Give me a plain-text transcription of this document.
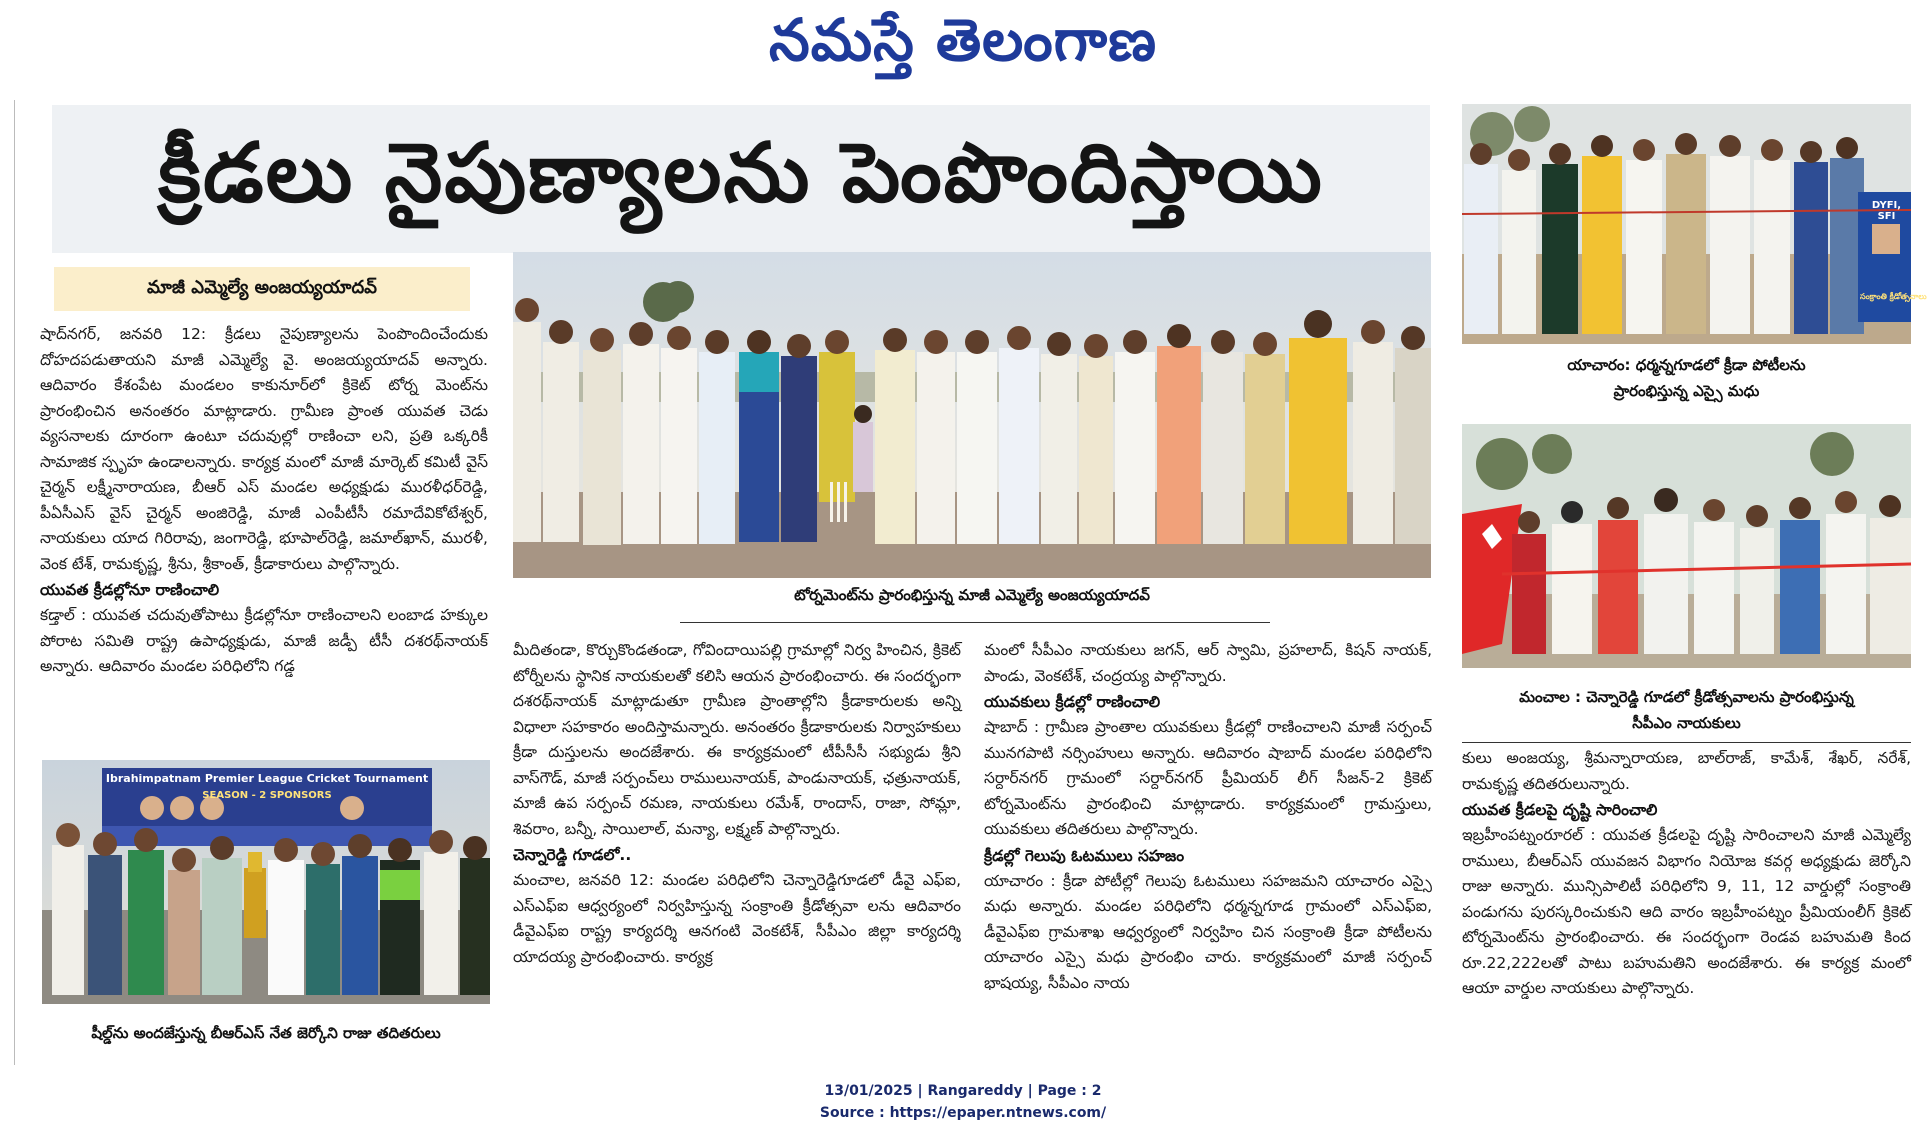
నమస్తే తెలంగాణ
క్రీడలు నైపుణ్యాలను పెంపొందిస్తాయి
మాజీ ఎమ్మెల్యే అంజయ్యయాదవ్

షాద్‌నగర్, జనవరి 12: క్రీడలు నైపుణ్యాలను పెంపొందించేందుకు దోహదపడుతాయని మాజీ ఎమ్మెల్యే వై. అంజయ్యయాదవ్ అన్నారు. ఆదివారం కేశంపేట మండలం కాకునూర్‌లో క్రికెట్ టోర్న మెంట్‌ను ప్రారంభించిన అనంతరం మాట్లాడారు. గ్రామీణ ప్రాంత యువత చెడు వ్యసనాలకు దూరంగా ఉంటూ చదువుల్లో రాణించా లని, ప్రతి ఒక్కరికీ సామాజిక స్పృహ ఉండాలన్నారు. కార్యక్ర మంలో మాజీ మార్కెట్ కమిటీ వైస్ చైర్మన్ లక్ష్మీనారాయణ, బీఆర్ ఎస్ మండల అధ్యక్షుడు మురళీధర్‌రెడ్డి, పీఏసీఎస్ వైస్ చైర్మన్ అంజిరెడ్డి, మాజీ ఎంపీటీసీ రమాదేవికోటేశ్వర్, నాయకులు యాద గిరిరావు, జంగారెడ్డి, భూపాల్‌రెడ్డి, జమాల్‌ఖాన్, మురళీ, వెంక టేశ్, రామకృష్ణ, శ్రీను, శ్రీకాంత్, క్రీడాకారులు పాల్గొన్నారు.

యువత క్రీడల్లోనూ రాణించాలి

కడ్తాల్ : యువత చదువుతోపాటు క్రీడల్లోనూ రాణించాలని లంబాడ హక్కుల పోరాట సమితి రాష్ట్ర ఉపాధ్యక్షుడు, మాజీ జడ్పీ టీసీ దశరథ్‌నాయక్ అన్నారు. ఆదివారం మండల పరిధిలోని గడ్డ

Ibrahimpatnam Premier League Cricket Tournament
SEASON - 2 SPONSORS
షీల్డ్‌ను అందజేస్తున్న బీఆర్‌ఎస్ నేత జెర్కోని రాజు తదితరులు
టోర్నమెంట్‌ను ప్రారంభిస్తున్న మాజీ ఎమ్మెల్యే అంజయ్యయాదవ్

మీదితండా, కొర్చుకొండతండా, గోవిందాయిపల్లి గ్రామాల్లో నిర్వ హించిన, క్రికెట్ టోర్నీలను స్థానిక నాయకులతో కలిసి ఆయన ప్రారంభించారు. ఈ సందర్భంగా దశరథ్‌నాయక్ మాట్లాడుతూ గ్రామీణ ప్రాంతాల్లోని క్రీడాకారులకు అన్ని విధాలా సహకారం అందిస్తామన్నారు. అనంతరం క్రీడాకారులకు నిర్వాహకులు క్రీడా దుస్తులను అందజేశారు. ఈ కార్యక్రమంలో టీపీసీసీ సభ్యుడు శ్రీని వాస్‌గౌడ్, మాజీ సర్పంచ్‌లు రాములునాయక్, పాండునాయక్, ఛత్రునాయక్, మాజీ ఉప సర్పంచ్ రమణ, నాయకులు రమేశ్, రాందాస్, రాజా, సోమ్లా, శివరాం, బన్నీ, సాయిలాల్, మన్యా, లక్ష్మణ్ పాల్గొన్నారు.

చెన్నారెడ్డి గూడలో..

మంచాల, జనవరి 12: మండల పరిధిలోని చెన్నారెడ్డిగూడలో డీవై ఎఫ్ఐ, ఎస్ఎఫ్ఐ ఆధ్వర్యంలో నిర్వహిస్తున్న సంక్రాంతి క్రీడోత్సవా లను ఆదివారం డీవైఎఫ్ఐ రాష్ట్ర కార్యదర్శి ఆనగంటి వెంకటేశ్, సీపీఎం జిల్లా కార్యదర్శి యాదయ్య ప్రారంభించారు. కార్యక్ర

మంలో సీపీఎం నాయకులు జగన్, ఆర్ స్వామి, ప్రహలాద్, కిషన్ నాయక్, పాండు, వెంకటేశ్, చంద్రయ్య పాల్గొన్నారు.

యువకులు క్రీడల్లో రాణించాలి

షాబాద్ : గ్రామీణ ప్రాంతాల యువకులు క్రీడల్లో రాణించాలని మాజీ సర్పంచ్ మునగపాటి నర్సింహులు అన్నారు. ఆదివారం షాబాద్ మండల పరిధిలోని సర్దార్‌నగర్ గ్రామంలో సర్దార్‌నగర్ ప్రీమియర్ లీగ్ సీజన్-2 క్రికెట్ టోర్నమెంట్‌ను ప్రారంభించి మాట్లాడారు. కార్యక్రమంలో గ్రామస్తులు, యువకులు తదితరులు పాల్గొన్నారు.

క్రీడల్లో గెలుపు ఓటములు సహజం

యాచారం : క్రీడా పోటీల్లో గెలుపు ఓటములు సహజమని యాచారం ఎస్సై మధు అన్నారు. మండల పరిధిలోని ధర్మన్నగూడ గ్రామంలో ఎస్ఎఫ్ఐ, డీవైఎఫ్ఐ గ్రామశాఖ ఆధ్వర్యంలో నిర్వహిం చిన సంక్రాంతి క్రీడా పోటీలను యాచారం ఎస్సై మధు ప్రారంభిం చారు. కార్యక్రమంలో మాజీ సర్పంచ్ భాషయ్య, సీపీఎం నాయ

DYFI, SFI
సంక్రాంతి క్రీడోత్సవాలు
యాచారం: ధర్మన్నగూడలో క్రీడా పోటీలను
ప్రారంభిస్తున్న ఎస్సై మధు
మంచాల : చెన్నారెడ్డి గూడలో క్రీడోత్సవాలను ప్రారంభిస్తున్న
సీపీఎం నాయకులు

కులు అంజయ్య, శ్రీమన్నారాయణ, బాల్‌రాజ్, కామేశ్, శేఖర్, నరేశ్, రామకృష్ణ తదితరులున్నారు.

యువత క్రీడలపై దృష్టి సారించాలి

ఇబ్రహీంపట్నంరూరల్ : యువత క్రీడలపై దృష్టి సారించాలని మాజీ ఎమ్మెల్యే రాములు, బీఆర్‌ఎస్ యువజన విభాగం నియోజ కవర్గ అధ్యక్షుడు జెర్కోని రాజు అన్నారు. మున్సిపాలిటీ పరిధిలోని 9, 11, 12 వార్డుల్లో సంక్రాంతి పండుగను పురస్కరించుకుని ఆది వారం ఇబ్రహీంపట్నం ప్రీమియంలీగ్ క్రికెట్ టోర్నమెంట్‌ను ప్రారంభించారు. ఈ సందర్భంగా రెండవ బహుమతి కింద రూ.22,222లతో పాటు బహుమతిని అందజేశారు. ఈ కార్యక్ర మంలో ఆయా వార్డుల నాయకులు పాల్గొన్నారు.

13/01/2025 | Rangareddy | Page : 2
Source : https://epaper.ntnews.com/
